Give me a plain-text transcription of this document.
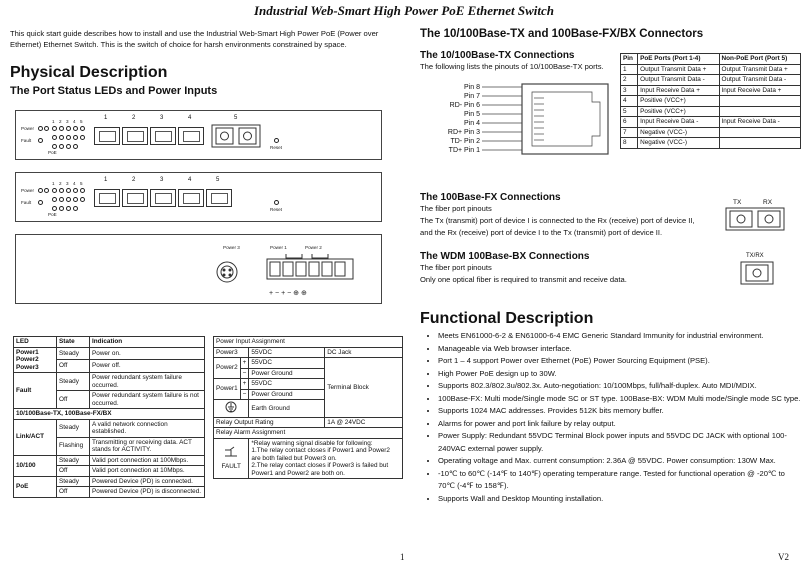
Industrial Web-Smart High Power PoE Ethernet Switch

This quick start guide describes how to install and use the Industrial Web-Smart High Power PoE (Power over Ethernet) Ethernet Switch. This is the switch of choice for harsh environments constrained by space.

Physical Description

The Port Status LEDs and Power Inputs

Power
Fault
PoE
1 2 3 4 5
1	2	3	4	5
Reset
Power
Fault
PoE
1 2 3 4 5
1	2	3	4	5
Reset
Power 3	Power 1	Power 2
+ − + − ⊕ ⊕
LED	State	Indication
Power1 Power2 Power3	Steady	Power on.
	Off	Power off.
Fault	Steady	Power redundant system failure occurred.
	Off	Power redundant system failure is not occurred.
10/100Base-TX, 100Base-FX/BX		
Link/ACT	Steady	A valid network connection established.
	Flashing	Transmitting or receiving data. ACT stands for ACTIVITY.
10/100	Steady	Valid port connection at 100Mbps.
	Off	Valid port connection at 10Mbps.
PoE	Steady	Powered Device (PD) is connected.
	Off	Powered Device (PD) is disconnected.
Power Input Assignment			
Power3		55VDC	DC Jack
Power2	+	55VDC	Terminal Block
	−	Power Ground	
Power1	+	55VDC	
	−	Power Ground	
	Earth Ground	
Relay Output Rating			1A @ 24VDC
Relay Alarm Assignment			

FAULT		*Relay warning signal disable for following:
1.The relay contact closes if Power1 and Power2 are both failed but Power3 on.
2.The relay contact closes if Power3 is failed but Power1 and Power2 are both on.	

The 10/100Base-TX and 100Base-FX/BX Connectors

The 10/100Base-TX Connections

The following lists the pinouts of 10/100Base-TX ports.

Pin 8
Pin 7
RD- Pin 6
Pin 5
Pin 4
RD+ Pin 3
TD- Pin 2
TD+ Pin 1
Pin	PoE Ports (Port 1-4)	Non-PoE Port (Port 5)
1	Output Transmit Data +	Output Transmit Data +
2	Output Transmit Data -	Output Transmit Data -
3	Input Receive Data +	Input Receive Data +
4	Positive (VCC+)	
5	Positive (VCC+)	
6	Input Receive Data -	Input Receive Data -
7	Negative (VCC-)	
8	Negative (VCC-)	

The 100Base-FX Connections

The fiber port pinouts

The Tx (transmit) port of device I is connected to the Rx (receive) port of device II,

and the Rx (receive) port of device I to the Tx (transmit) port of device II.

TX	RX

The WDM 100Base-BX Connections

The fiber port pinouts

Only one optical fiber is required to transmit and receive data.

TX/RX

Functional Description

• Meets EN61000-6-2 & EN61000-6-4 EMC Generic Standard Immunity for industrial environment.
• Manageable via Web browser interface.
• Port 1 – 4 support Power over Ethernet (PoE) Power Sourcing Equipment (PSE).
• High Power PoE design up to 30W.
• Supports 802.3/802.3u/802.3x. Auto-negotiation: 10/100Mbps, full/half-duplex. Auto MDI/MDIX.
• 100Base-FX: Multi mode/Single mode SC or ST type. 100Base-BX: WDM Multi mode/Single mode SC type.
• Supports 1024 MAC addresses. Provides 512K bits memory buffer.
• Alarms for power and port link failure by relay output.
• Power Supply: Redundant 55VDC Terminal Block power inputs and 55VDC DC JACK with optional 100-240VAC external power supply.
• Operating voltage and Max. current consumption: 2.36A @ 55VDC. Power consumption: 130W Max.
• -10℃ to 60℃ (-14℉ to 140℉) operating temperature range. Tested for functional operation @ -20℃ to 70℃ (-4℉ to 158℉).
• Supports Wall and Desktop Mounting installation.
1	V2
